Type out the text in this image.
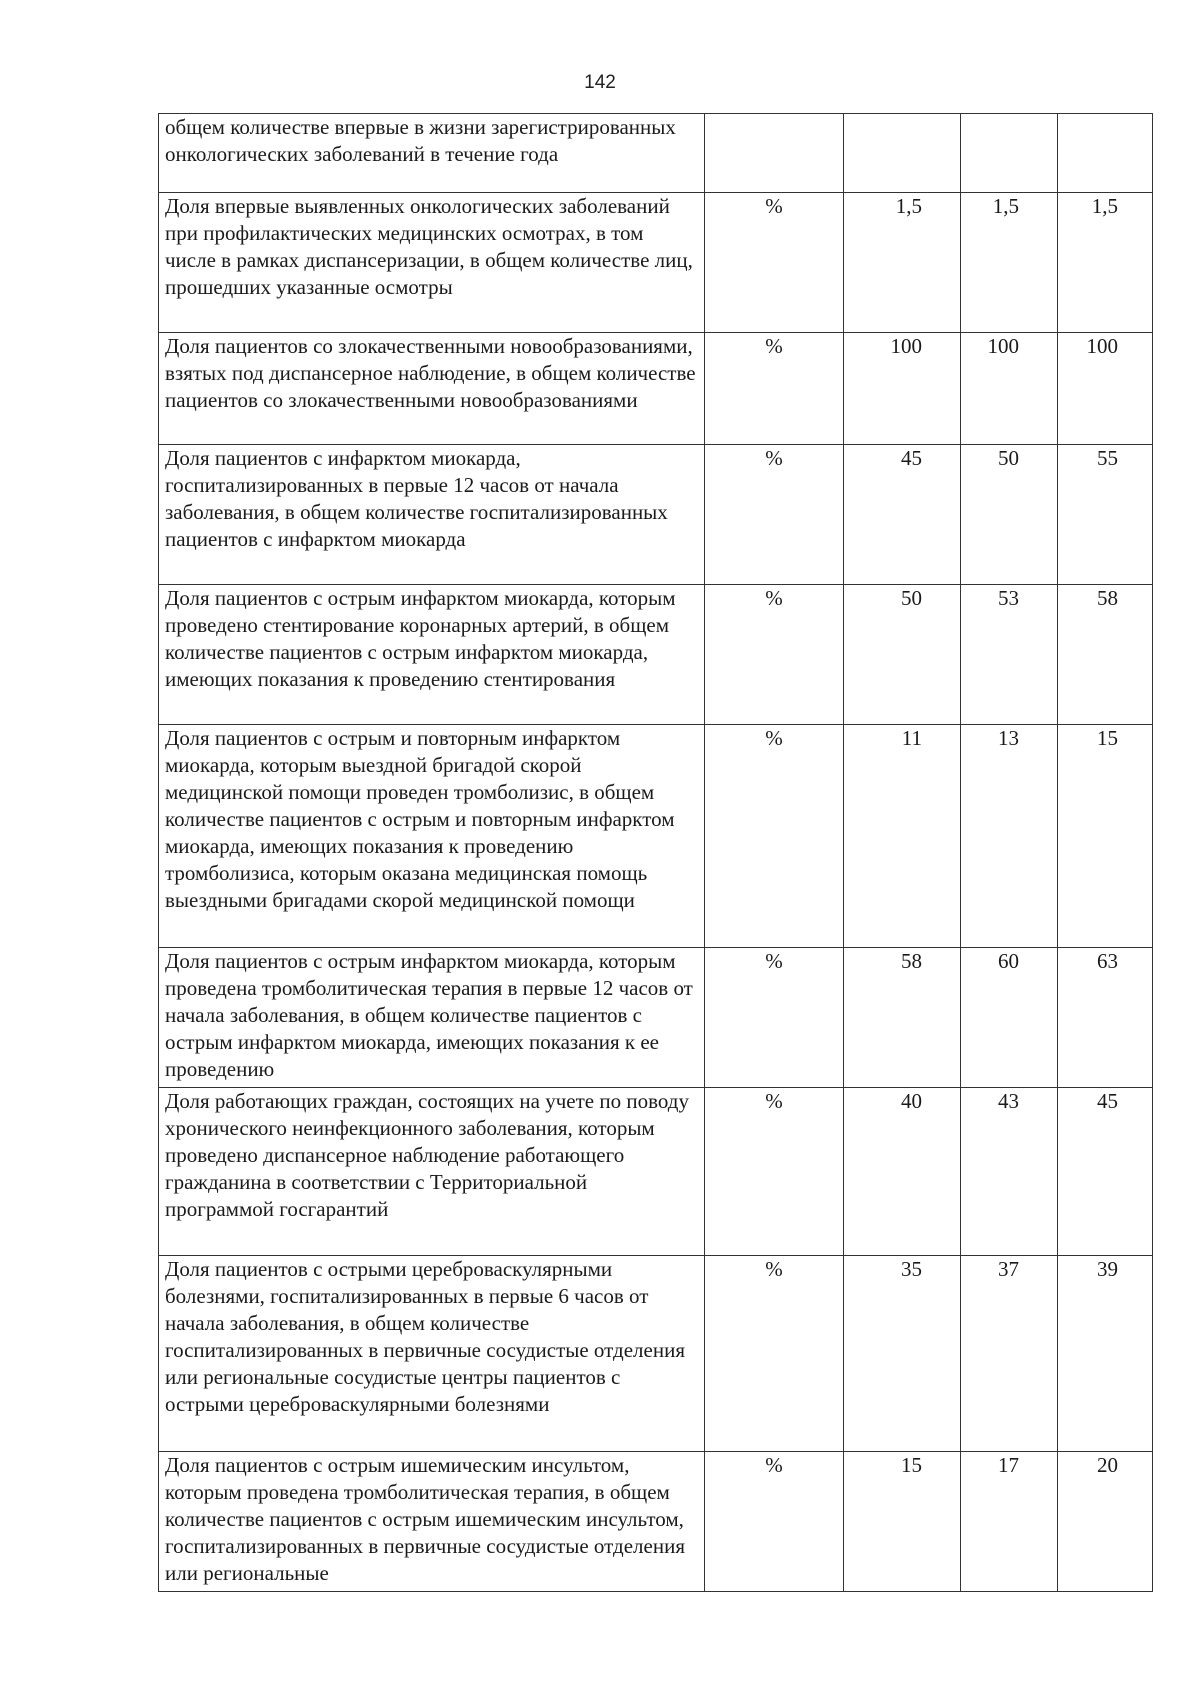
142
общем количестве впервые в жизни зарегистрированных онкологических заболеваний в течение года				
Доля впервые выявленных онкологических заболеваний при профилактических медицинских осмотрах, в том числе в рамках диспансеризации, в общем количестве лиц, прошедших указанные осмотры	%	1,5	1,5	1,5
Доля пациентов со злокачественными новообразованиями, взятых под диспансерное наблюдение, в общем количестве пациентов со злокачественными новообразованиями	%	100	100	100
Доля пациентов с инфарктом миокарда, госпитализированных в первые 12 часов от начала заболевания, в общем количестве госпитализированных пациентов с инфарктом миокарда	%	45	50	55
Доля пациентов с острым инфарктом миокарда, которым проведено стентирование коронарных артерий, в общем количестве пациентов с острым инфарктом миокарда, имеющих показания к проведению стентирования	%	50	53	58
Доля пациентов с острым и повторным инфарктом миокарда, которым выездной бригадой скорой медицинской помощи проведен тромболизис, в общем количестве пациентов с острым и повторным инфарктом миокарда, имеющих показания к проведению тромболизиса, которым оказана медицинская помощь выездными бригадами скорой медицинской помощи	%	11	13	15
Доля пациентов с острым инфарктом миокарда, которым проведена тромболитическая терапия в первые 12 часов от начала заболевания, в общем количестве пациентов с острым инфарктом миокарда, имеющих показания к ее проведению	%	58	60	63
Доля работающих граждан, состоящих на учете по поводу хронического неинфекционного заболевания, которым проведено диспансерное наблюдение работающего гражданина в соответствии с Территориальной программой госгарантий	%	40	43	45
Доля пациентов с острыми цереброваскулярными болезнями, госпитализированных в первые 6 часов от начала заболевания, в общем количестве госпитализированных в первичные сосудистые отделения или региональные сосудистые центры пациентов с острыми цереброваскулярными болезнями	%	35	37	39
Доля пациентов с острым ишемическим инсультом, которым проведена тромболитическая терапия, в общем количестве пациентов с острым ишемическим инсультом, госпитализированных в первичные сосудистые отделения или региональные	%	15	17	20
